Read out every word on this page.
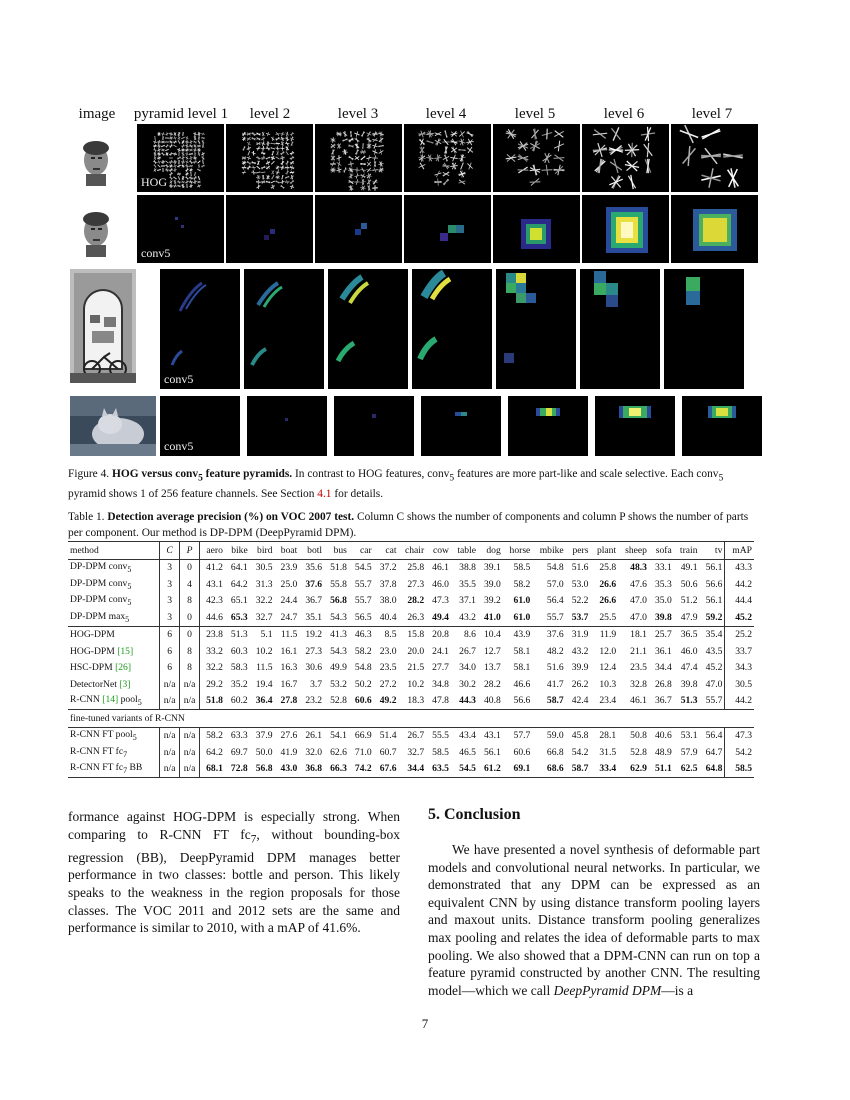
image pyramid level 1 level 2	level 3	level 4	level 5	level 6	level 7
HOG
conv5
conv5
conv5
Figure 4. HOG versus conv$_5$ feature pyramids. In contrast to HOG features, conv$_5$ features are more part-like and scale selective. Each conv$_5$ pyramid shows 1 of 256 feature channels. See Section 4.1 for details.
Table 1. Detection average precision (%) on VOC 2007 test. Column C shows the number of components and column P shows the number of parts per component. Our method is DP-DPM (DeepPyramid DPM).
method	C	P	aero	bike	bird	boat	botl	bus	car	cat	chair	cow	table	dog	horse	mbike	pers	plant	sheep	sofa	train	tv	mAP
DP-DPM conv$_5$	3	0	41.2	64.1	30.5	23.9	35.6	51.8	54.5	37.2	25.8	46.1	38.8	39.1	58.5	54.8	51.6	25.8	48.3	33.1	49.1	56.1	43.3
DP-DPM conv$_5$	3	4	43.1	64.2	31.3	25.0	37.6	55.8	55.7	37.8	27.3	46.0	35.5	39.0	58.2	57.0	53.0	26.6	47.6	35.3	50.6	56.6	44.2
DP-DPM conv$_5$	3	8	42.3	65.1	32.2	24.4	36.7	56.8	55.7	38.0	28.2	47.3	37.1	39.2	61.0	56.4	52.2	26.6	47.0	35.0	51.2	56.1	44.4
DP-DPM $\max_5$	3	0	44.6	65.3	32.7	24.7	35.1	54.3	56.5	40.4	26.3	49.4	43.2	41.0	61.0	55.7	53.7	25.5	47.0	39.8	47.9	59.2	45.2
HOG-DPM	6	0	23.8	51.3	5.1	11.5	19.2	41.3	46.3	8.5	15.8	20.8	8.6	10.4	43.9	37.6	31.9	11.9	18.1	25.7	36.5	35.4	25.2
HOG-DPM [15]	6	8	33.2	60.3	10.2	16.1	27.3	54.3	58.2	23.0	20.0	24.1	26.7	12.7	58.1	48.2	43.2	12.0	21.1	36.1	46.0	43.5	33.7
HSC-DPM [26]	6	8	32.2	58.3	11.5	16.3	30.6	49.9	54.8	23.5	21.5	27.7	34.0	13.7	58.1	51.6	39.9	12.4	23.5	34.4	47.4	45.2	34.3
DetectorNet [3]	n/a	n/a	29.2	35.2	19.4	16.7	3.7	53.2	50.2	27.2	10.2	34.8	30.2	28.2	46.6	41.7	26.2	10.3	32.8	26.8	39.8	47.0	30.5
R-CNN [14] pool$_5$	n/a	n/a	51.8	60.2	36.4	27.8	23.2	52.8	60.6	49.2	18.3	47.8	44.3	40.8	56.6	58.7	42.4	23.4	46.1	36.7	51.3	55.7	44.2
fine-tuned variants of R-CNN																							
R-CNN FT pool$_5$	n/a	n/a	58.2	63.3	37.9	27.6	26.1	54.1	66.9	51.4	26.7	55.5	43.4	43.1	57.7	59.0	45.8	28.1	50.8	40.6	53.1	56.4	47.3
R-CNN FT $fc_7$	n/a	n/a	64.2	69.7	50.0	41.9	32.0	62.6	71.0	60.7	32.7	58.5	46.5	56.1	60.6	66.8	54.2	31.5	52.8	48.9	57.9	64.7	54.2
R-CNN FT $fc_7$ BB	n/a	n/a	68.1	72.8	56.8	43.0	36.8	66.3	74.2	67.6	34.4	63.5	54.5	61.2	69.1	68.6	58.7	33.4	62.9	51.1	62.5	64.8	58.5
formance against HOG-DPM is especially strong. When comparing to R-CNN FT $fc_7$, without bounding-box regression (BB), DeepPyramid DPM manages better performance in two classes: bottle and person. This likely speaks to the weakness in the region proposals for those classes. The VOC 2011 and 2012 sets are the same and performance is similar to 2010, with a mAP of 41.6%.
5. Conclusion
We have presented a novel synthesis of deformable part models and convolutional neural networks. In particular, we demonstrated that any DPM can be expressed as an equivalent CNN by using distance transform pooling layers and maxout units. Distance transform pooling generalizes max pooling and relates the idea of deformable parts to max pooling. We also showed that a DPM-CNN can run on top a feature pyramid constructed by another CNN. The resulting model—which we call DeepPyramid DPM—is a
7
